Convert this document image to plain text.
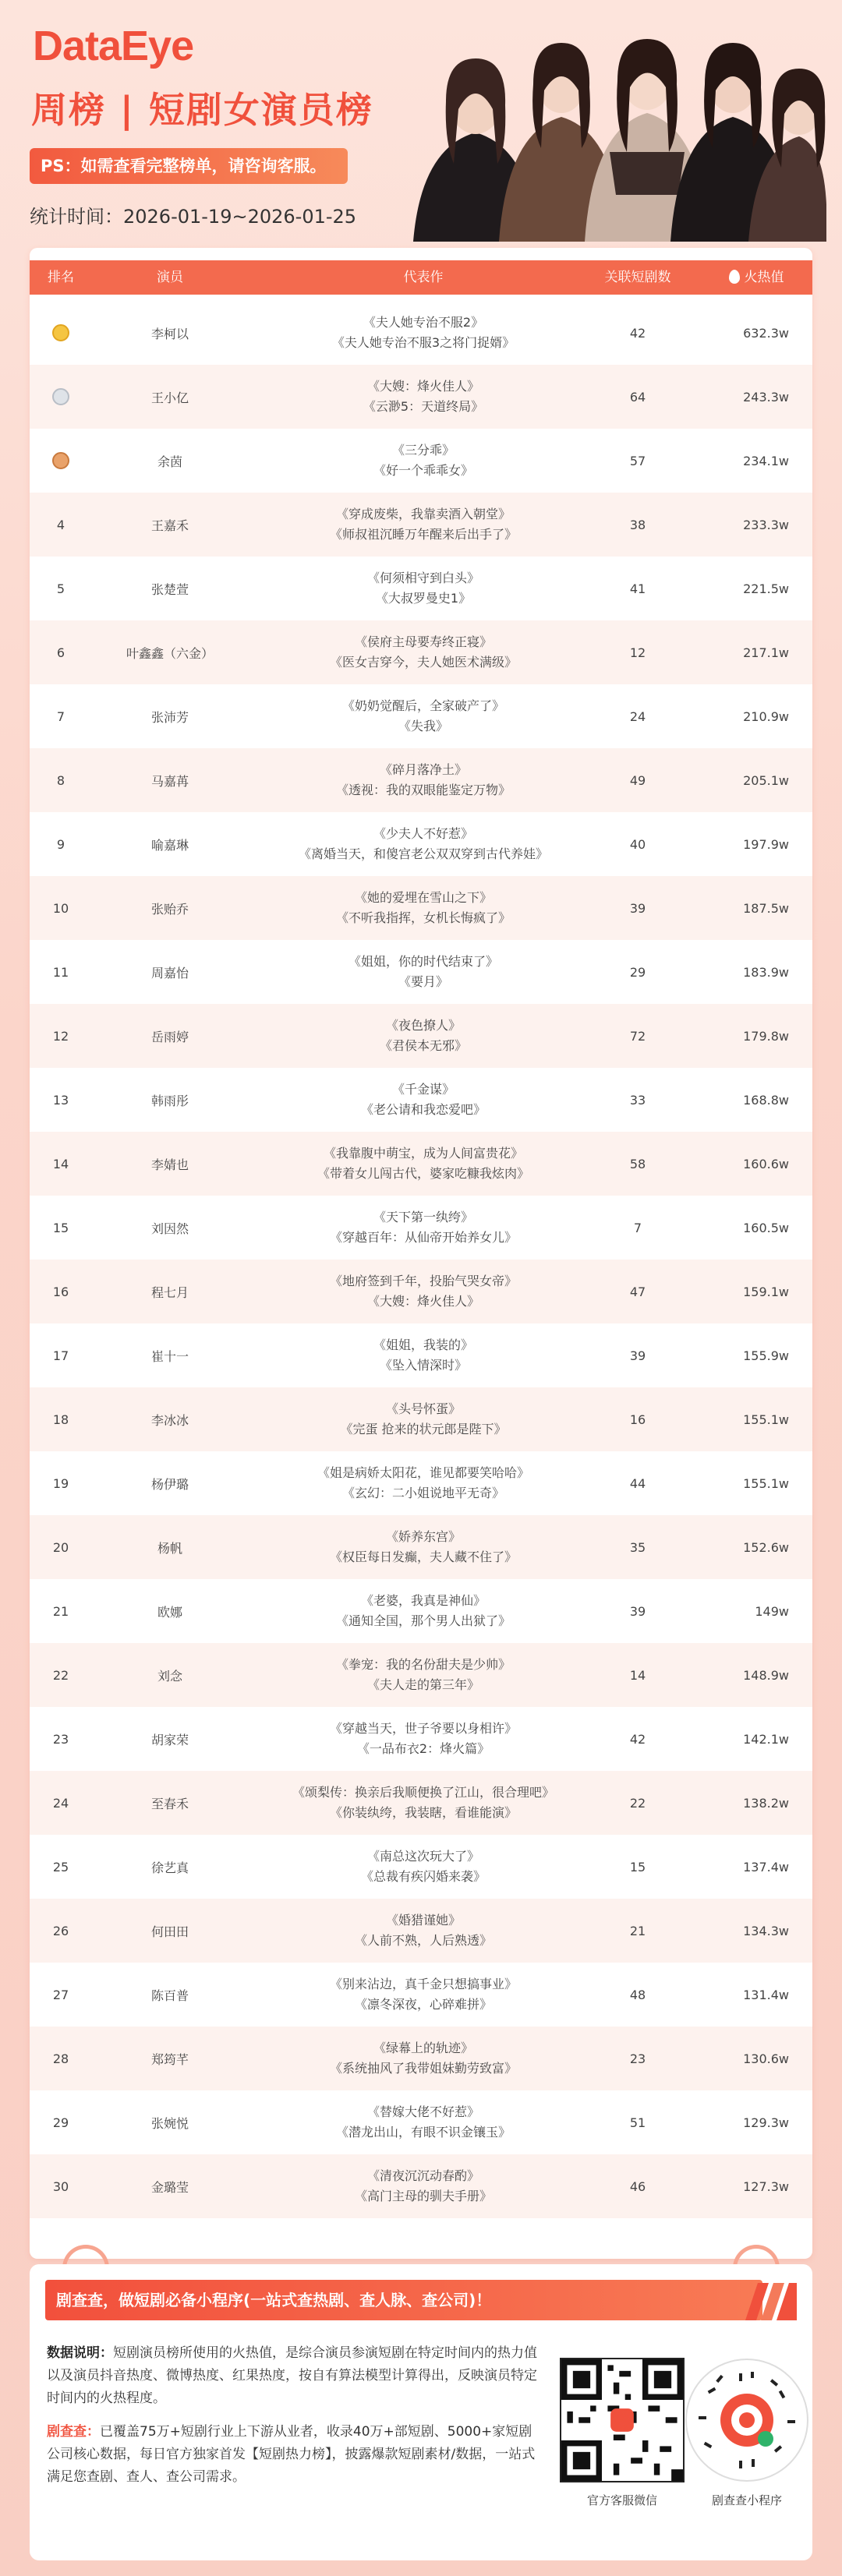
DataEye
周榜 | 短剧女演员榜
PS：如需查看完整榜单，请咨询客服。
统计时间：2026-01-19~2026-01-25
排名	演员	代表作	关联短剧数	火热值
李柯以
《夫人她专治不服2》
《夫人她专治不服3之将门捉婿》
42	632.3w
王小亿
《大嫂：烽火佳人》
《云渺5：天道终局》
64	243.3w
余茵
《三分乖》
《好一个乖乖女》
57	234.1w
4	王嘉禾
《穿成废柴，我靠卖酒入朝堂》
《师叔祖沉睡万年醒来后出手了》
38	233.3w
5	张楚萱
《何须相守到白头》
《大叔罗曼史1》
41	221.5w
6	叶鑫鑫（六金）
《侯府主母要寿终正寝》
《医女吉穿今，夫人她医术满级》
12	217.1w
7	张沛芳
《奶奶觉醒后，全家破产了》
《失我》
24	210.9w
8	马嘉苒
《碎月落净土》
《透视：我的双眼能鉴定万物》
49	205.1w
9	喻嘉琳
《少夫人不好惹》
《离婚当天，和傻宫老公双双穿到古代养娃》
40	197.9w
10	张贻乔
《她的爱埋在雪山之下》
《不听我指挥，女机长悔疯了》
39	187.5w
11	周嘉怡
《姐姐，你的时代结束了》
《要月》
29	183.9w
12	岳雨婷
《夜色撩人》
《君侯本无邪》
72	179.8w
13	韩雨彤
《千金谋》
《老公请和我恋爱吧》
33	168.8w
14	李婧也
《我靠腹中萌宝，成为人间富贵花》
《带着女儿闯古代，婆家吃糠我炫肉》
58	160.6w
15	刘因然
《天下第一纨绔》
《穿越百年：从仙帝开始养女儿》
7	160.5w
16	程七月
《地府签到千年，投胎气哭女帝》
《大嫂：烽火佳人》
47	159.1w
17	崔十一
《姐姐，我装的》
《坠入情深时》
39	155.9w
18	李冰冰
《头号怀蛋》
《完蛋 抢来的状元郎是陛下》
16	155.1w
19	杨伊璐
《姐是病娇太阳花，谁见都要笑哈哈》
《玄幻：二小姐说地平无奇》
44	155.1w
20	杨帆
《娇养东宫》
《权臣每日发癫，夫人藏不住了》
35	152.6w
21	欧娜
《老婆，我真是神仙》
《通知全国，那个男人出狱了》
39	149w
22	刘念
《拳宠：我的名份甜夫是少帅》
《夫人走的第三年》
14	148.9w
23	胡家荣
《穿越当天，世子爷要以身相许》
《一品布衣2：烽火篇》
42	142.1w
24	至春禾
《颂梨传：换亲后我顺便换了江山，很合理吧》
《你装纨绔，我装瞎，看谁能演》
22	138.2w
25	徐艺真
《南总这次玩大了》
《总裁有疾闪婚来袭》
15	137.4w
26	何田田
《婚猎谨她》
《人前不熟，人后熟透》
21	134.3w
27	陈百普
《别来沾边，真千金只想搞事业》
《凛冬深夜，心碎难拼》
48	131.4w
28	郑筠芊
《绿幕上的轨迹》
《系统抽风了我带姐妹勤劳致富》
23	130.6w
29	张婉悦
《替嫁大佬不好惹》
《潜龙出山，有眼不识金镶玉》
51	129.3w
30	金璐莹
《清夜沉沉动春酌》
《高门主母的驯夫手册》
46	127.3w
剧查查，做短剧必备小程序(一站式查热剧、查人脉、查公司)！

数据说明：短剧演员榜所使用的火热值，是综合演员参演短剧在特定时间内的热力值以及演员抖音热度、微博热度、红果热度，按自有算法模型计算得出，反映演员特定时间内的火热程度。

剧查查：已覆盖75万+短剧行业上下游从业者，收录40万+部短剧、5000+家短剧公司核心数据，每日官方独家首发【短剧热力榜】，披露爆款短剧素材/数据，一站式满足您查剧、查人、查公司需求。

官方客服微信	剧查查小程序
